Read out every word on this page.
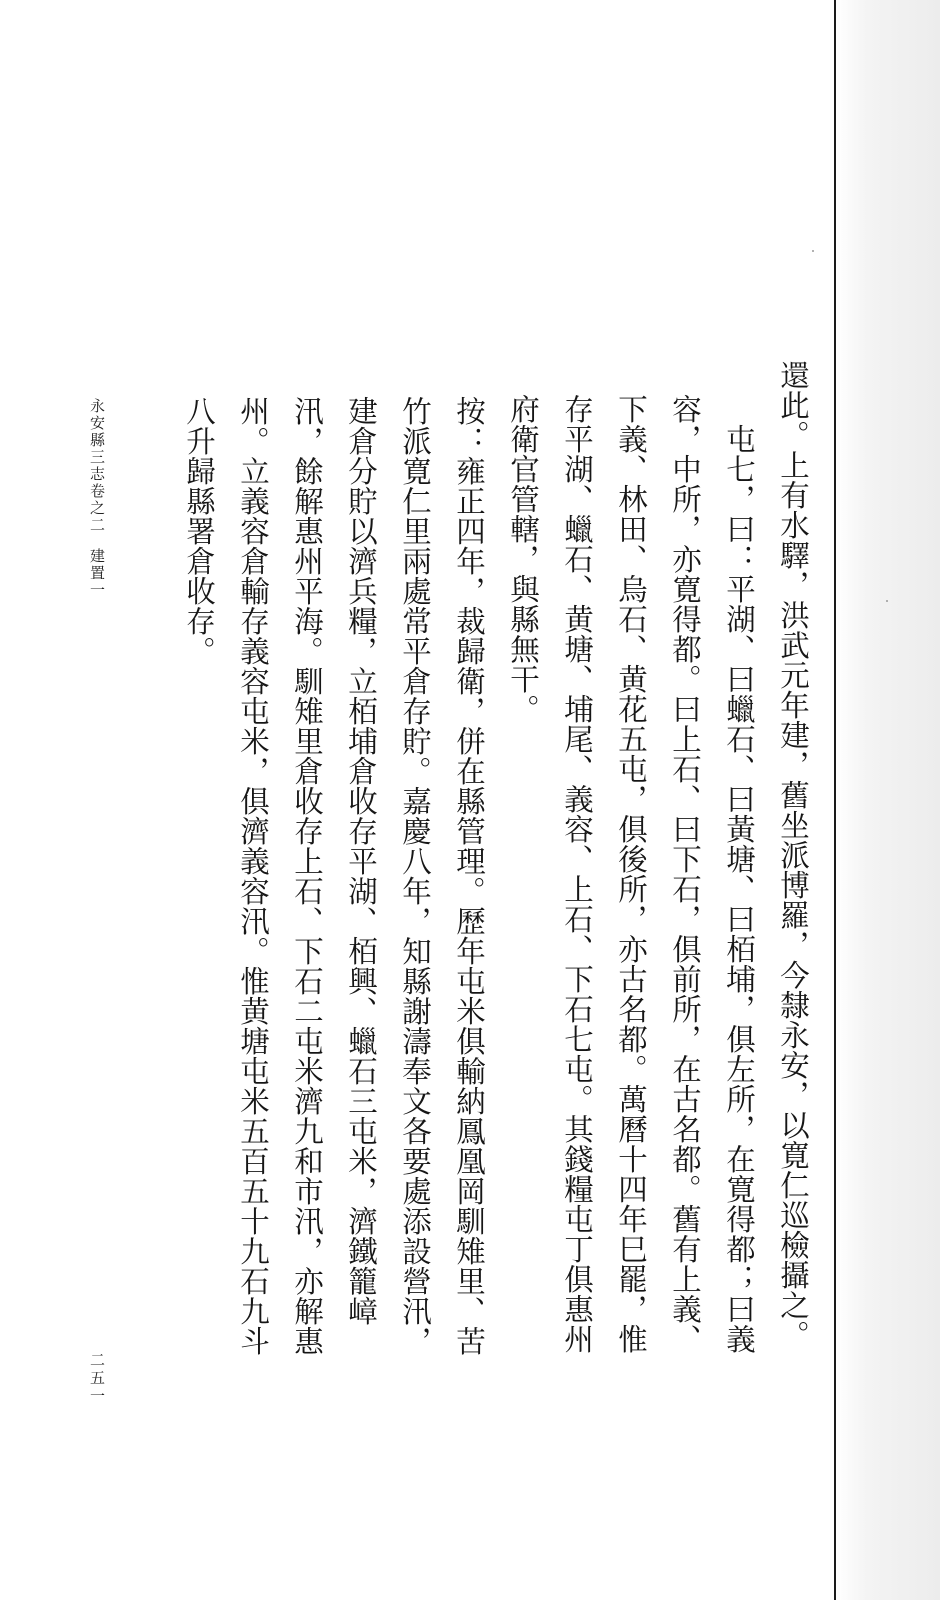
還此。上有水驛，洪武元年建，舊坐派博羅，今隸永安，以寛仁巡檢攝之。

屯七，曰：平湖、曰蠟石、曰黃塘、曰栢埔，俱左所，在寛得都；曰義容，中所，亦寛得都。曰上石、曰下石，俱前所，在古名都。舊有上義、下義、林田、烏石、黄花五屯，俱後所，亦古名都。萬曆十四年巳罷，惟存平湖、蠟石、黄塘、埔尾、義容、上石、下石七屯。其錢糧屯丁俱惠州府衛官管轄，與縣無干。

按：雍正四年，裁歸衛，併在縣管理。歷年屯米俱輸納鳳凰岡馴雉里、苦竹派寛仁里兩處常平倉存貯。嘉慶八年，知縣謝濤奉文各要處添設營汛，建倉分貯以濟兵糧，立栢埔倉收存平湖、栢興、蠟石三屯米，濟鐵籠嶂汛，餘解惠州平海。馴雉里倉收存上石、下石二屯米濟九和市汛，亦解惠州。立義容倉輸存義容屯米，俱濟義容汛。惟黄塘屯米五百五十九石九斗八升歸縣署倉收存。

永安縣三志卷之二建置一
二五一
